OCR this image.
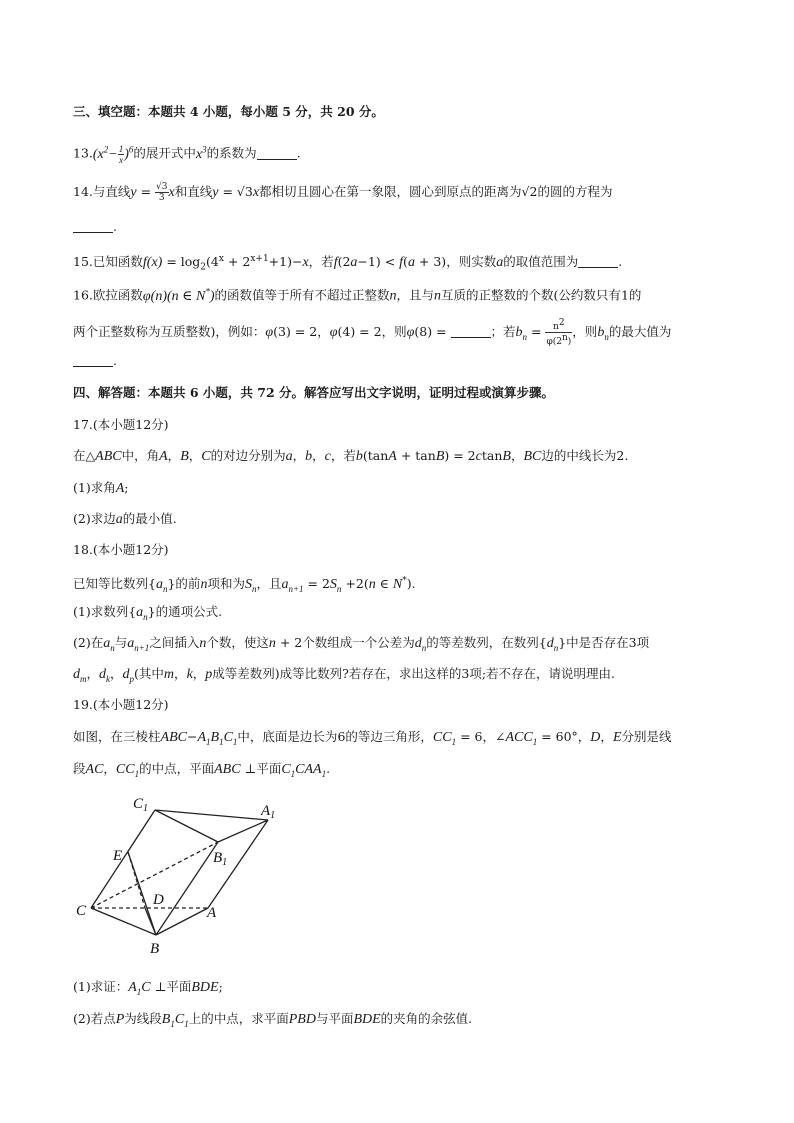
三、填空题：本题共 4 小题，每小题 5 分，共 20 分。
$13.(x^2- \frac{1}{x} )^6$的展开式中$x^3$的系数为	.
14.与直线$y = \frac{√3}{3}$ x和直线y = √3x都相切且圆心在第一象限，圆心到原点的距离为√2的圆的方程为
.
15.已知函数$f(x) = \log_2(4^x + 2^{x+1}+1)-x$，若f(2a−1) < f(a + 3)，则实数a的取值范围为	.
16.欧拉函数φ(n)(n ∈ N*)的函数值等于所有不超过正整数n，且与n互质的正整数的个数(公约数只有1的
两个正整数称为互质整数)，例如：φ(3) = 2，φ(4) = 2，则φ(8) =	；若$b_n = \frac{n^2}{\varphi(2^n)}$ ，则$b_n$的最大值为
.
四、解答题：本题共 6 小题，共 72 分。解答应写出文字说明，证明过程或演算步骤。
17.(本小题12分)
在△ABC中，角A，B，C的对边分别为a，b，c，若b(tanA + tanB) = 2ctanB，BC边的中线长为2.
(1)求角A;
(2)求边a的最小值.
18.(本小题12分)
已知等比数列$\{a_n\}$的前n项和为$S_n$，且$a_{n+1} = 2S_n +2(n$ ∈ N*).
(1)求数列$\{a_n\}$的通项公式.
(2)在$a_n$与$a_{n+1}$之间插入n个数，使这n + 2个数组成一个公差为$d_n$的等差数列，在数列$\{d_n\}$中是否存在3项
$d_m$，$d_k$，$d_p$(其中m，k，p成等差数列)成等比数列?若存在，求出这样的3项;若不存在，请说明理由.
19.(本小题12分)
如图，在三棱柱$ABC-A_1B_1C_1$中，底面是边长为6的等边三角形，$CC_1 = 6$，$\angle ACC_1 = 60^\circ$，D，E分别是线
段AC，$CC_1$的中点，平面ABC ⊥平面$C_1CAA_1$.
$C_1$	$A_1$
E	$B_1$
D
C	A
B
(1)求证：$A_1C$ ⊥平面BDE;
(2)若点P为线段$B_1C_1$上的中点，求平面PBD与平面BDE的夹角的余弦值.
